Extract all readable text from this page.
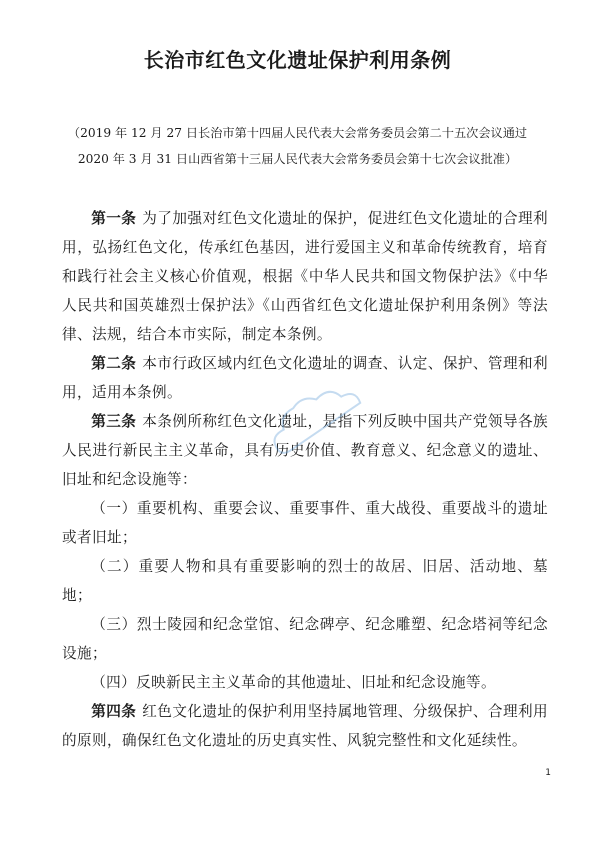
长治市红色文化遗址保护利用条例
（2019 年 12 月 27 日长治市第十四届人民代表大会常务委员会第二十五次会议通过
2020 年 3 月 31 日山西省第十三届人民代表大会常务委员会第十七次会议批准）

第一条 为了加强对红色文化遗址的保护，促进红色文化遗址的合理利用，弘扬红色文化，传承红色基因，进行爱国主义和革命传统教育，培育和践行社会主义核心价值观，根据《中华人民共和国文物保护法》《中华人民共和国英雄烈士保护法》《山西省红色文化遗址保护利用条例》等法律、法规，结合本市实际，制定本条例。

第二条 本市行政区域内红色文化遗址的调查、认定、保护、管理和利用，适用本条例。

第三条 本条例所称红色文化遗址，是指下列反映中国共产党领导各族人民进行新民主主义革命，具有历史价值、教育意义、纪念意义的遗址、旧址和纪念设施等：

（一）重要机构、重要会议、重要事件、重大战役、重要战斗的遗址或者旧址；

（二）重要人物和具有重要影响的烈士的故居、旧居、活动地、墓地；

（三）烈士陵园和纪念堂馆、纪念碑亭、纪念雕塑、纪念塔祠等纪念设施；

（四）反映新民主主义革命的其他遗址、旧址和纪念设施等。

第四条 红色文化遗址的保护利用坚持属地管理、分级保护、合理利用的原则，确保红色文化遗址的历史真实性、风貌完整性和文化延续性。

1
